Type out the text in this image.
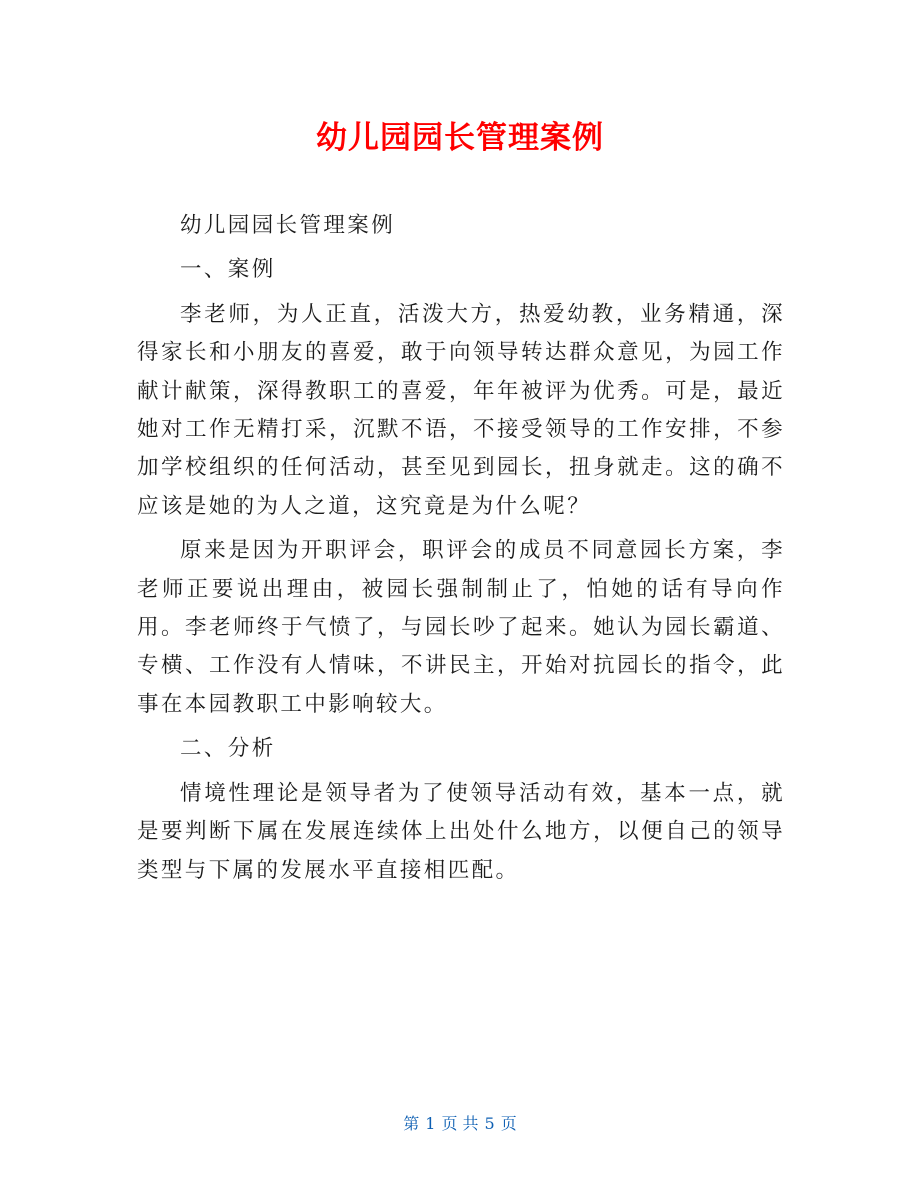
幼儿园园长管理案例

幼儿园园长管理案例

一、案例

李老师，为人正直，活泼大方，热爱幼教，业务精通，深得家长和小朋友的喜爱，敢于向领导转达群众意见，为园工作献计献策，深得教职工的喜爱，年年被评为优秀。可是，最近她对工作无精打采，沉默不语，不接受领导的工作安排，不参加学校组织的任何活动，甚至见到园长，扭身就走。这的确不应该是她的为人之道，这究竟是为什么呢？

原来是因为开职评会，职评会的成员不同意园长方案，李老师正要说出理由，被园长强制制止了，怕她的话有导向作用。李老师终于气愤了，与园长吵了起来。她认为园长霸道、专横、工作没有人情味，不讲民主，开始对抗园长的指令，此事在本园教职工中影响较大。

二、分析

情境性理论是领导者为了使领导活动有效，基本一点，就是要判断下属在发展连续体上出处什么地方，以便自己的领导类型与下属的发展水平直接相匹配。

第 1 页 共 5 页
